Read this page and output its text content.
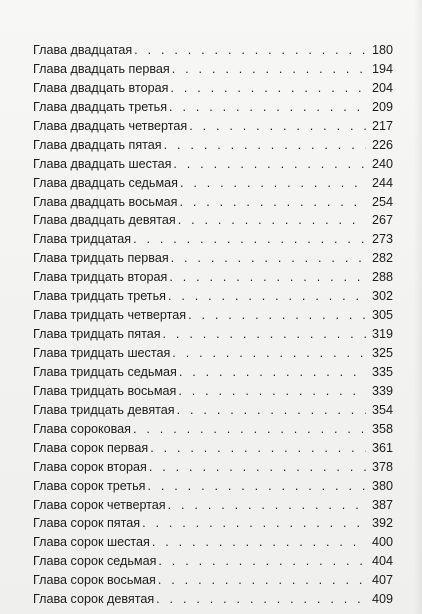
Глава двадцатая . . .	180
Глава двадцать первая . . .	194
Глава двадцать вторая . . .	204
Глава двадцать третья . . .	209
Глава двадцать четвертая . . .	217
Глава двадцать пятая . . .	226
Глава двадцать шестая . . .	240
Глава двадцать седьмая . . .	244
Глава двадцать восьмая . . .	254
Глава двадцать девятая . . .	267
Глава тридцатая . . .	273
Глава тридцать первая . . .	282
Глава тридцать вторая . . .	288
Глава тридцать третья . . .	302
Глава тридцать четвертая . . .	305
Глава тридцать пятая . . .	319
Глава тридцать шестая . . .	325
Глава тридцать седьмая . . .	335
Глава тридцать восьмая . . .	339
Глава тридцать девятая . . .	354
Глава сороковая . . .	358
Глава сорок первая . . .	361
Глава сорок вторая . . .	378
Глава сорок третья . . .	380
Глава сорок четвертая . . .	387
Глава сорок пятая . . .	392
Глава сорок шестая . . .	400
Глава сорок седьмая . . .	404
Глава сорок восьмая . . .	407
Глава сорок девятая . . .	409
